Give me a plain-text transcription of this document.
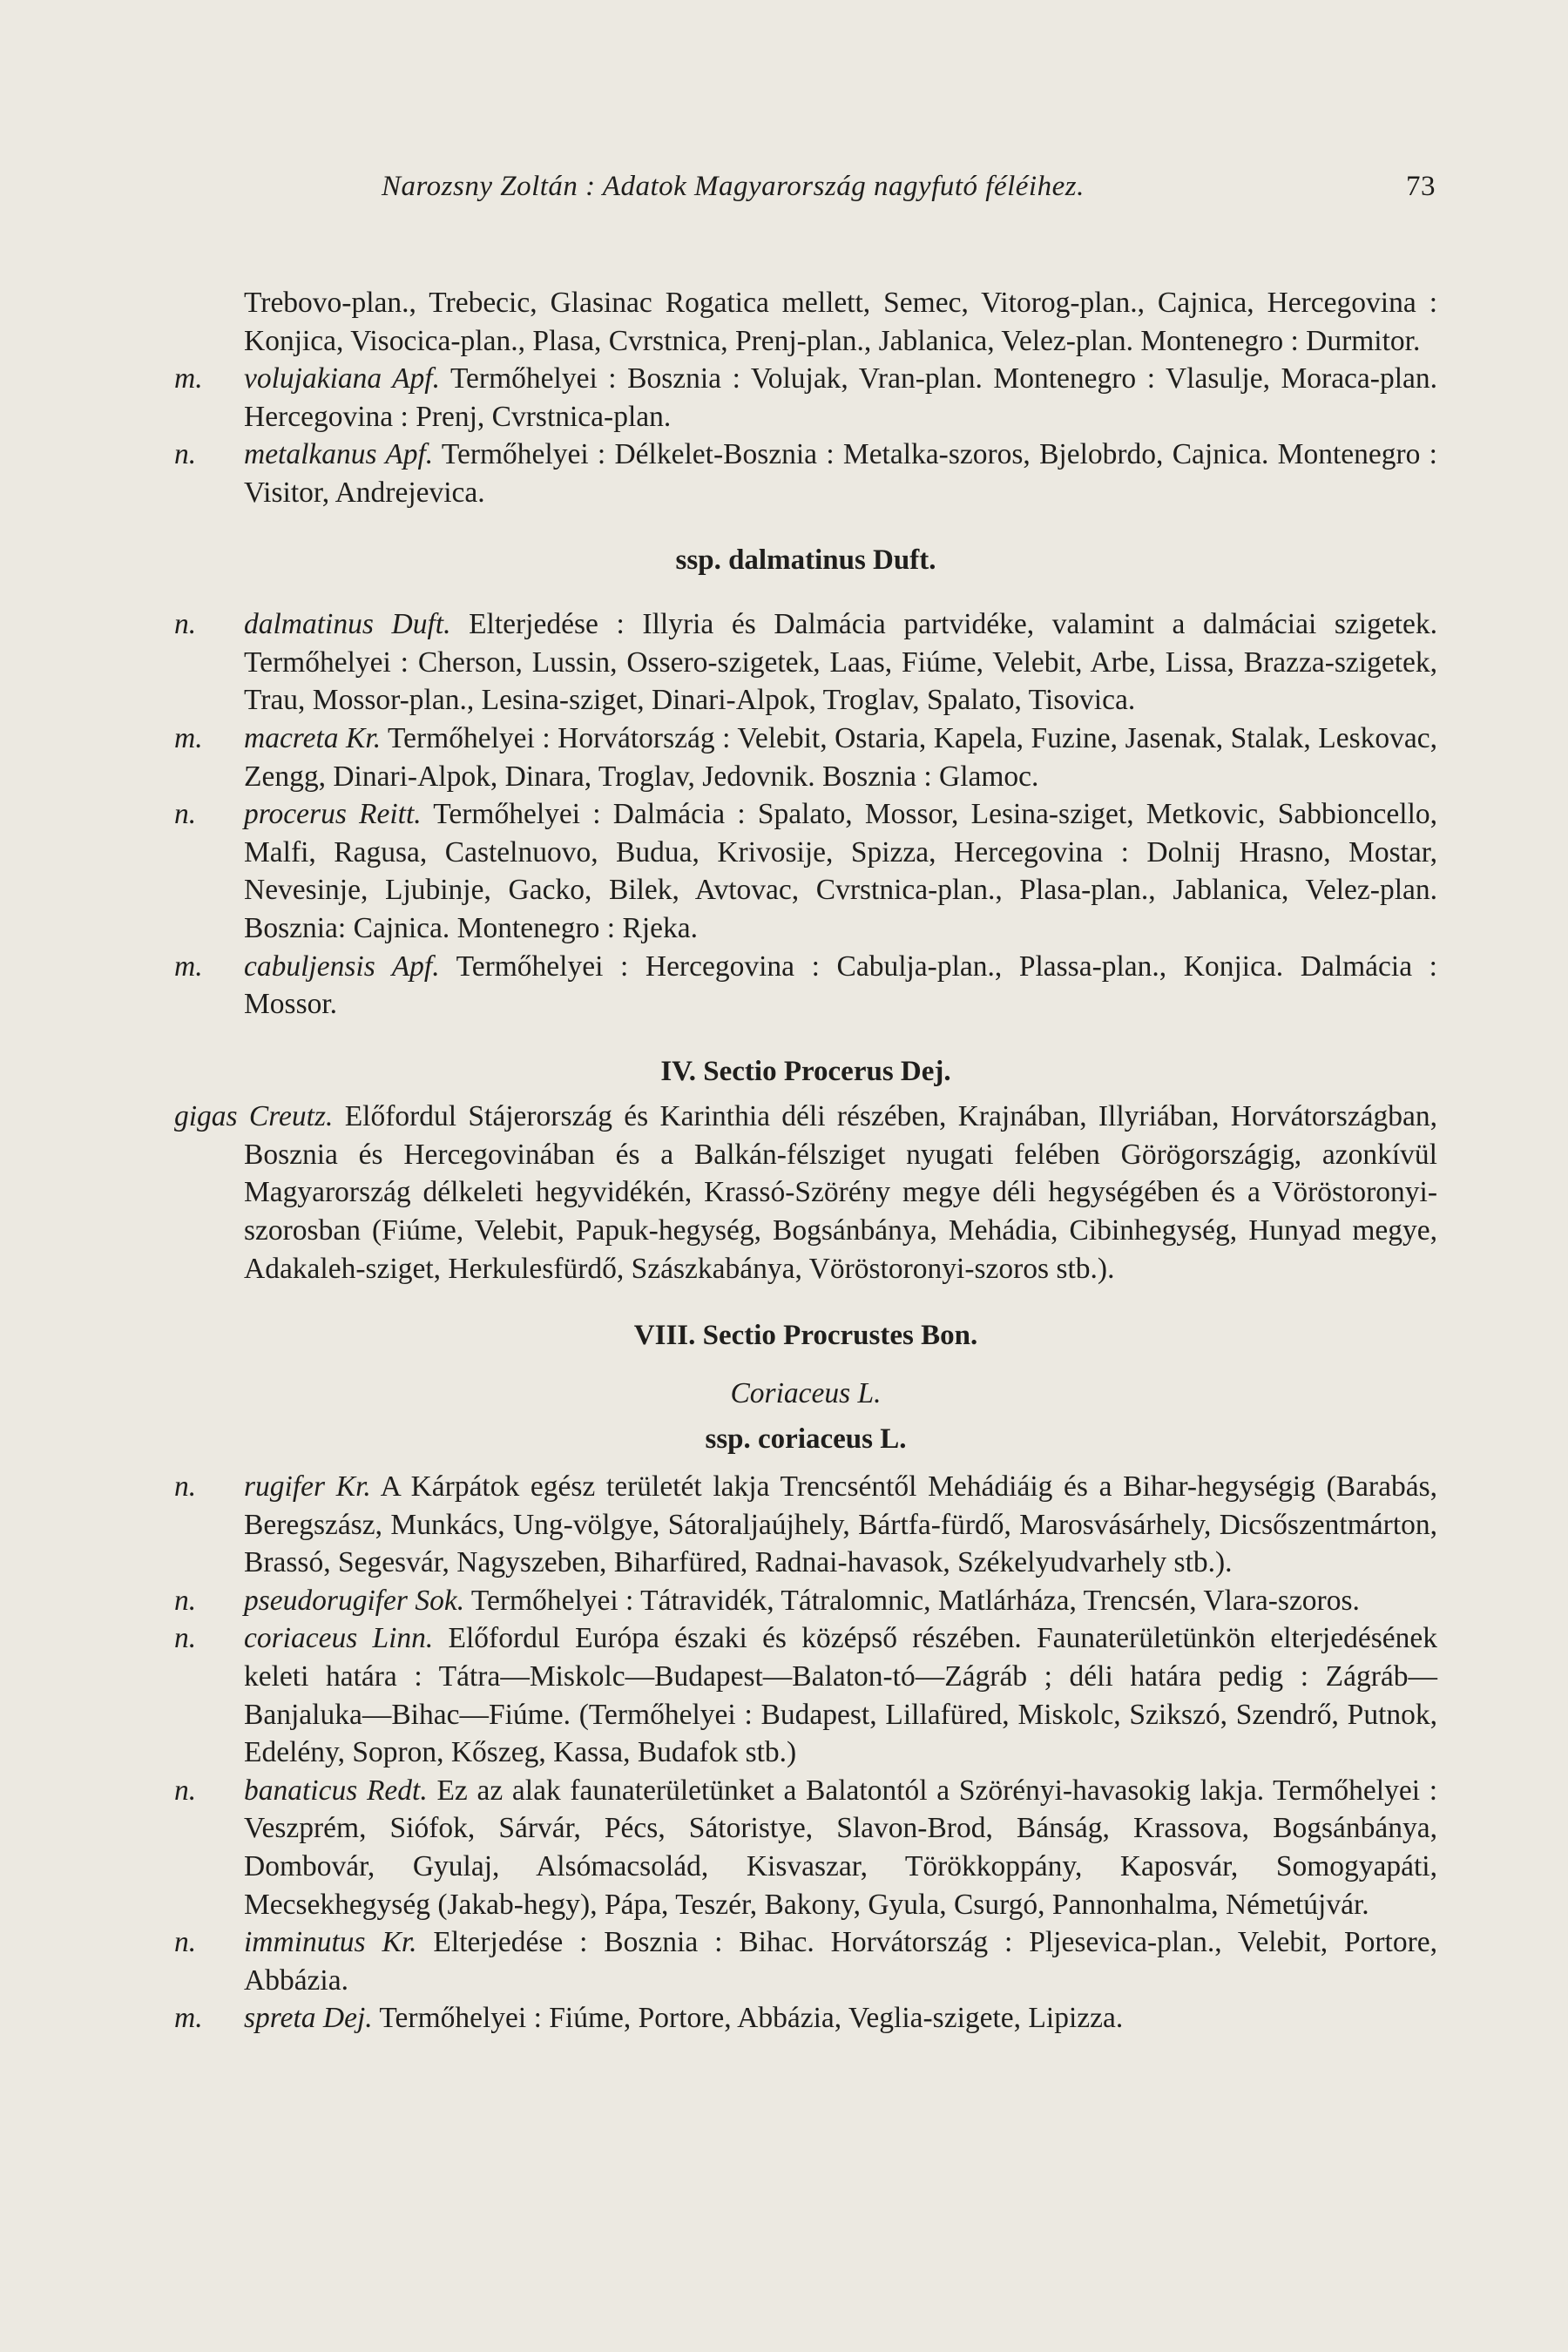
Narozsny Zoltán : Adatok Magyarország nagyfutó féléihez.	73
Trebovo-plan., Trebecic, Glasinac Rogatica mellett, Semec, Vitorog-plan., Cajnica, Hercegovina : Konjica, Visocica-plan., Plasa, Cvrstnica, Prenj-plan., Jablanica, Velez-plan. Montenegro : Durmitor.
m.	volujakiana Apf. Termőhelyei : Bosznia : Volujak, Vran-plan. Montenegro : Vlasulje, Moraca-plan. Hercegovina : Prenj, Cvrstnica-plan.
n.	metalkanus Apf. Termőhelyei : Délkelet-Bosznia : Metalka-szoros, Bjelobrdo, Cajnica. Montenegro : Visitor, Andrejevica.
ssp. dalmatinus Duft.
n.	dalmatinus Duft. Elterjedése : Illyria és Dalmácia partvidéke, valamint a dalmáciai szigetek. Termőhelyei : Cherson, Lussin, Ossero-szigetek, Laas, Fiúme, Velebit, Arbe, Lissa, Brazza-szigetek, Trau, Mossor-plan., Lesina-sziget, Dinari-Alpok, Troglav, Spalato, Tisovica.
m.	macreta Kr. Termőhelyei : Horvátország : Velebit, Ostaria, Kapela, Fuzine, Jasenak, Stalak, Leskovac, Zengg, Dinari-Alpok, Dinara, Troglav, Jedovnik. Bosznia : Glamoc.
n.	procerus Reitt. Termőhelyei : Dalmácia : Spalato, Mossor, Lesina-sziget, Metkovic, Sabbioncello, Malfi, Ragusa, Castelnuovo, Budua, Krivosije, Spizza, Hercegovina : Dolnij Hrasno, Mostar, Nevesinje, Ljubinje, Gacko, Bilek, Avtovac, Cvrstnica-plan., Plasa-plan., Jablanica, Velez-plan. Bosznia: Cajnica. Montenegro : Rjeka.
m.	cabuljensis Apf. Termőhelyei : Hercegovina : Cabulja-plan., Plassa-plan., Konjica. Dalmácia : Mossor.
IV. Sectio Procerus Dej.
gigas Creutz. Előfordul Stájerország és Karinthia déli részében, Krajnában, Illyriában, Horvátországban, Bosznia és Hercegovinában és a Balkán-félsziget nyugati felében Görögországig, azonkívül Magyarország délkeleti hegyvidékén, Krassó-Szörény megye déli hegységében és a Vöröstoronyi-szorosban (Fiúme, Velebit, Papuk-hegység, Bogsánbánya, Mehádia, Cibinhegység, Hunyad megye, Adakaleh-sziget, Herkulesfürdő, Szászkabánya, Vöröstoronyi-szoros stb.).
VIII. Sectio Procrustes Bon.
Coriaceus L.
ssp. coriaceus L.
n.	rugifer Kr. A Kárpátok egész területét lakja Trencséntől Mehádiáig és a Bihar-hegységig (Barabás, Beregszász, Munkács, Ung-völgye, Sátoraljaújhely, Bártfa-fürdő, Marosvásárhely, Dicsőszentmárton, Brassó, Segesvár, Nagyszeben, Biharfüred, Radnai-havasok, Székelyudvarhely stb.).
n.	pseudorugifer Sok. Termőhelyei : Tátravidék, Tátralomnic, Matlárháza, Trencsén, Vlara-szoros.
n.	coriaceus Linn. Előfordul Európa északi és középső részében. Faunaterületünkön elterjedésének keleti határa : Tátra—Miskolc—Budapest—Balaton-tó—Zágráb ; déli határa pedig : Zágráb—Banjaluka—Bihac—Fiúme. (Termőhelyei : Budapest, Lillafüred, Miskolc, Szikszó, Szendrő, Putnok, Edelény, Sopron, Kőszeg, Kassa, Budafok stb.)
n.	banaticus Redt. Ez az alak faunaterületünket a Balatontól a Szörényi-havasokig lakja. Termőhelyei : Veszprém, Siófok, Sárvár, Pécs, Sátoristye, Slavon-Brod, Bánság, Krassova, Bogsánbánya, Dombovár, Gyulaj, Alsómacsolád, Kisvaszar, Törökkoppány, Kaposvár, Somogyapáti, Mecsekhegység (Jakab-hegy), Pápa, Teszér, Bakony, Gyula, Csurgó, Pannonhalma, Németújvár.
n.	imminutus Kr. Elterjedése : Bosznia : Bihac. Horvátország : Pljesevica-plan., Velebit, Portore, Abbázia.
m.	spreta Dej. Termőhelyei : Fiúme, Portore, Abbázia, Veglia-szigete, Lipizza.
